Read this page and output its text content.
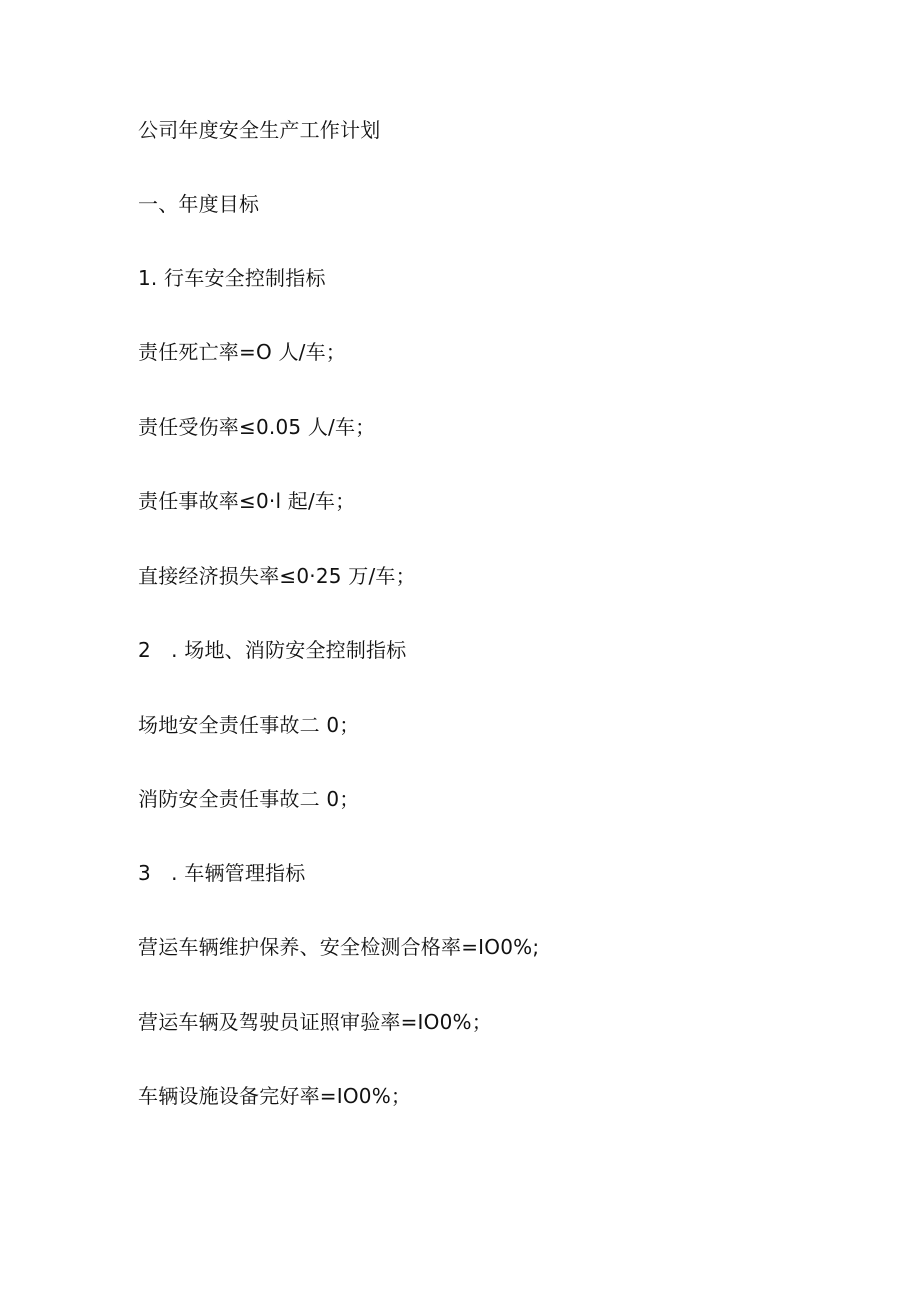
公司年度安全生产工作计划
一、年度目标
1. 行车安全控制指标
责任死亡率=O 人/车；
责任受伤率≤0.05 人/车；
责任事故率≤0·l 起/车；
直接经济损失率≤0·25 万/车；
2　. 场地、消防安全控制指标
场地安全责任事故二 0；
消防安全责任事故二 0；
3　. 车辆管理指标
营运车辆维护保养、安全检测合格率=IO0%;
营运车辆及驾驶员证照审验率=IO0%；
车辆设施设备完好率=IO0%；
